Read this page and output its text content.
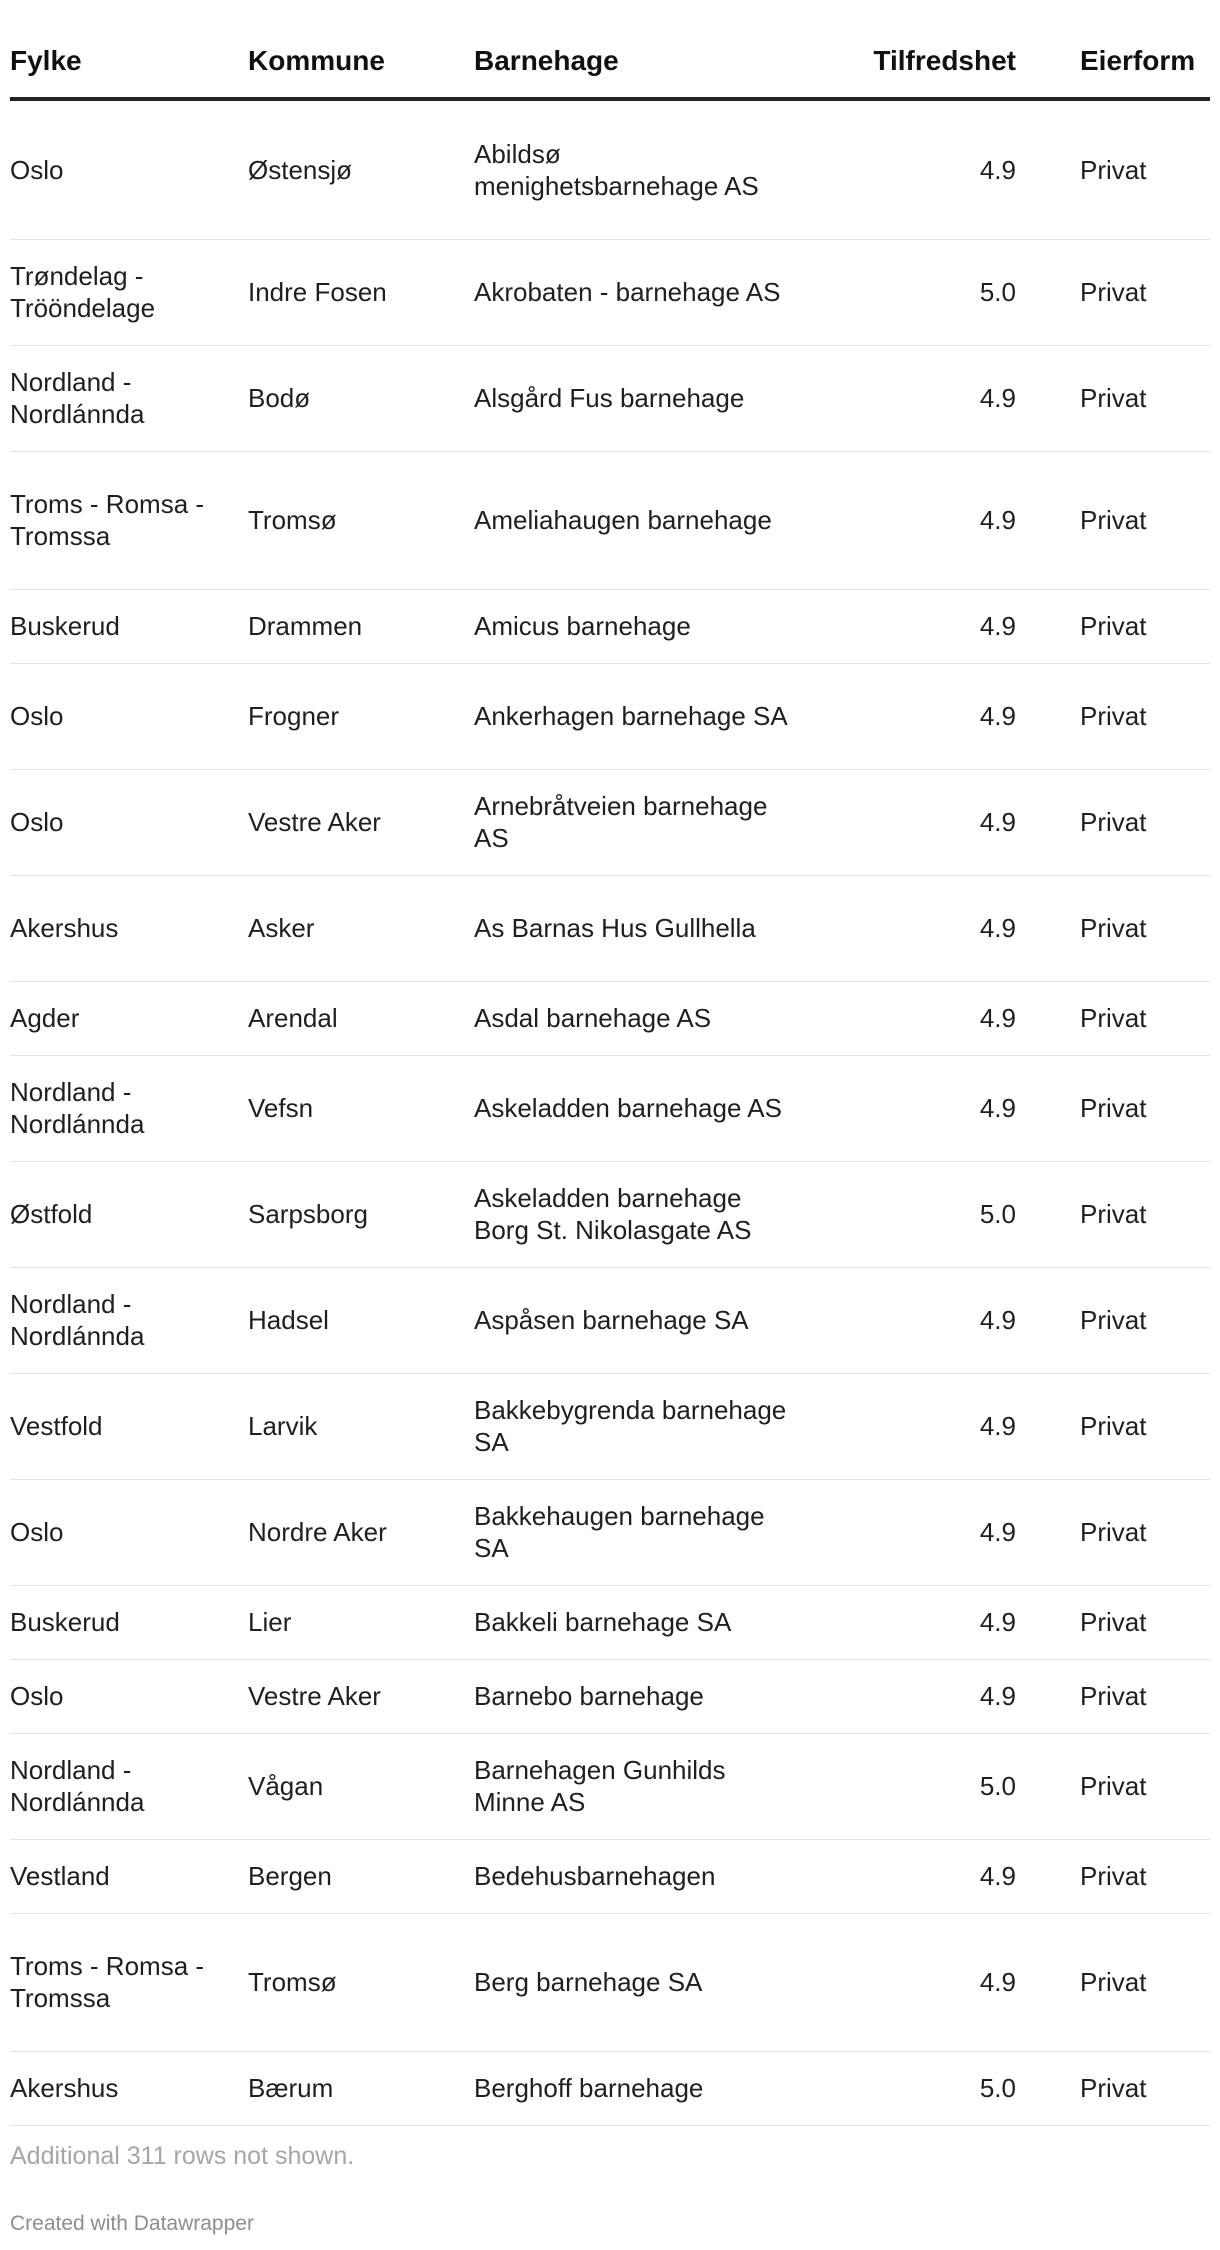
Fylke	Kommune	Barnehage	Tilfredshet	Eierform
Oslo	Østensjø	Abildsø menighetsbarnehage AS	4.9	Privat
Trøndelag - Trööndelage	Indre Fosen	Akrobaten - barnehage AS	5.0	Privat
Nordland - Nordlánnda	Bodø	Alsgård Fus barnehage	4.9	Privat
Troms - Romsa - Tromssa	Tromsø	Ameliahaugen barnehage	4.9	Privat
Buskerud	Drammen	Amicus barnehage	4.9	Privat
Oslo	Frogner	Ankerhagen barnehage SA	4.9	Privat
Oslo	Vestre Aker	Arnebråtveien barnehage AS	4.9	Privat
Akershus	Asker	As Barnas Hus Gullhella	4.9	Privat
Agder	Arendal	Asdal barnehage AS	4.9	Privat
Nordland - Nordlánnda	Vefsn	Askeladden barnehage AS	4.9	Privat
Østfold	Sarpsborg	Askeladden barnehage Borg St. Nikolasgate AS	5.0	Privat
Nordland - Nordlánnda	Hadsel	Aspåsen barnehage SA	4.9	Privat
Vestfold	Larvik	Bakkebygrenda barnehage SA	4.9	Privat
Oslo	Nordre Aker	Bakkehaugen barnehage SA	4.9	Privat
Buskerud	Lier	Bakkeli barnehage SA	4.9	Privat
Oslo	Vestre Aker	Barnebo barnehage	4.9	Privat
Nordland - Nordlánnda	Vågan	Barnehagen Gunhilds Minne AS	5.0	Privat
Vestland	Bergen	Bedehusbarnehagen	4.9	Privat
Troms - Romsa - Tromssa	Tromsø	Berg barnehage SA	4.9	Privat
Akershus	Bærum	Berghoff barnehage	5.0	Privat
Additional 311 rows not shown.
Created with Datawrapper
